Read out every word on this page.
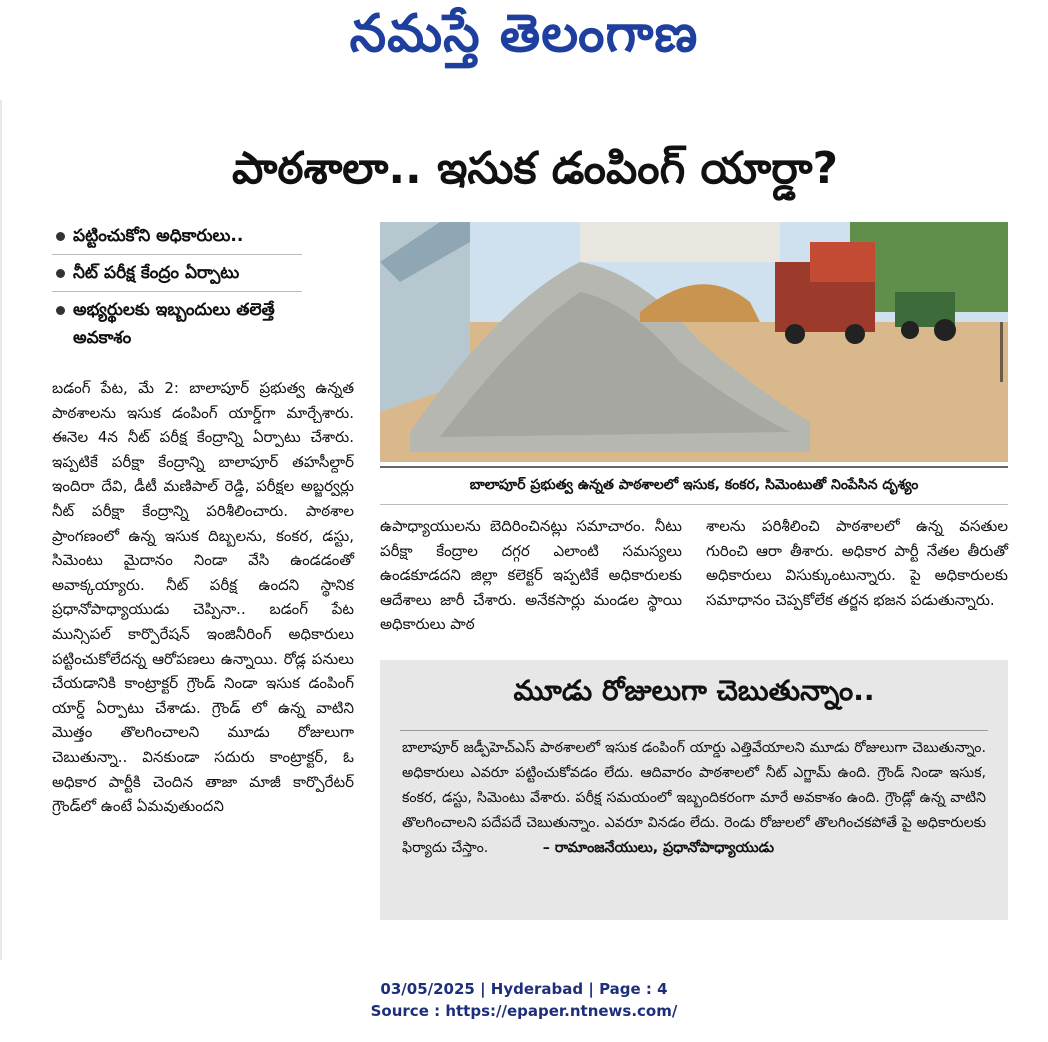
నమస్తే తెలంగాణ
పాఠశాలా.. ఇసుక డంపింగ్ యార్డా?
పట్టించుకోని అధికారులు..
నీట్ పరీక్ష కేంద్రం ఏర్పాటు
అభ్యర్థులకు ఇబ్బందులు తలెత్తే అవకాశం
బాలాపూర్ ప్రభుత్వ ఉన్నత పాఠశాలలో ఇసుక, కంకర, సిమెంటుతో నింపేసిన దృశ్యం

బడంగ్ పేట, మే 2: బాలాపూర్ ప్రభుత్వ ఉన్నత పాఠశాలను ఇసుక డంపింగ్ యార్డ్‌గా మార్చేశారు. ఈనెల 4న నీట్ పరీక్ష కేంద్రాన్ని ఏర్పాటు చేశారు. ఇప్పటికే పరీక్షా కేంద్రాన్ని బాలాపూర్ తహసీల్దార్ ఇందిరా దేవి, డీటీ మణిపాల్ రెడ్డి, పరీక్షల అబ్జర్వర్లు నీట్ పరీక్షా కేంద్రాన్ని పరిశీలించారు. పాఠశాల ప్రాంగణంలో ఉన్న ఇసుక దిబ్బలను, కంకర, డస్టు, సిమెంటు మైదానం నిండా వేసి ఉండడంతో అవాక్కయ్యారు. నీట్ పరీక్ష ఉందని స్థానిక ప్రధానోపాధ్యాయుడు చెప్పినా.. బడంగ్ పేట మున్సిపల్ కార్పొరేషన్ ఇంజినీరింగ్ అధికారులు పట్టించుకోలేదన్న ఆరోపణలు ఉన్నాయి. రోడ్ల పనులు చేయడానికి కాంట్రాక్టర్ గ్రౌండ్ నిండా ఇసుక డంపింగ్ యార్డ్ ఏర్పాటు చేశాడు. గ్రౌండ్ లో ఉన్న వాటిని మొత్తం తొలగించాలని మూడు రోజులుగా చెబుతున్నా.. వినకుండా సదురు కాంట్రాక్టర్, ఓ అధికార పార్టీకి చెందిన తాజా మాజీ కార్పొరేటర్ గ్రౌండ్‌లో ఉంటే ఏమవుతుందని

ఉపాధ్యాయులను బెదిరించినట్లు సమాచారం. నీటు పరీక్షా కేంద్రాల దగ్గర ఎలాంటి సమస్యలు ఉండకూడదని జిల్లా కలెక్టర్ ఇప్పటికే అధికారులకు ఆదేశాలు జారీ చేశారు. అనేకసార్లు మండల స్థాయి అధికారులు పాఠ

శాలను పరిశీలించి పాఠశాలలో ఉన్న వసతుల గురించి ఆరా తీశారు. అధికార పార్టీ నేతల తీరుతో అధికారులు విసుక్కుంటున్నారు. పై అధికారులకు సమాధానం చెప్పకోలేక తర్జన భజన పడుతున్నారు.

మూడు రోజులుగా చెబుతున్నాం..
బాలాపూర్ జడ్పీహెచ్‌ఎస్ పాఠశాలలో ఇసుక డంపింగ్ యార్డు ఎత్తివేయాలని మూడు రోజులుగా చెబుతున్నాం. అధికారులు ఎవరూ పట్టించుకోవడం లేదు. ఆదివారం పాఠశాలలో నీట్ ఎగ్జామ్ ఉంది. గ్రౌండ్ నిండా ఇసుక, కంకర, డస్టు, సిమెంటు వేశారు. పరీక్ష సమయంలో ఇబ్బందికరంగా మారే అవకాశం ఉంది. గ్రౌండ్లో ఉన్న వాటిని తొలగించాలని పదేపదే చెబుతున్నాం. ఎవరూ వినడం లేదు. రెండు రోజులలో తొలగించకపోతే పై అధికారులకు ఫిర్యాదు చేస్తాం.	– రామాంజనేయులు, ప్రధానోపాధ్యాయుడు
03/05/2025 | Hyderabad | Page : 4
Source : https://epaper.ntnews.com/
